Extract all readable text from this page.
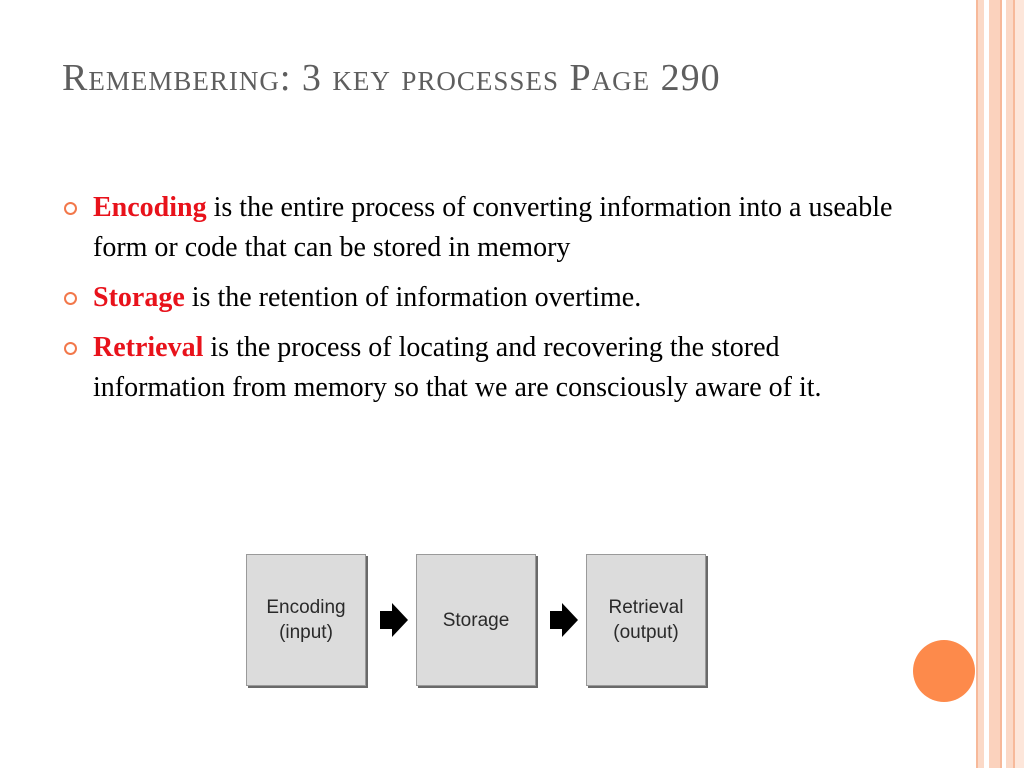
Remembering: 3 key processes Page 290
Encoding is the entire process of converting information into a useable form or code that can be stored in memory
Storage is the retention of information overtime.
Retrieval is the process of locating and recovering the stored information from memory so that we are consciously aware of it.
Encoding
(input)
Storage
Retrieval
(output)
